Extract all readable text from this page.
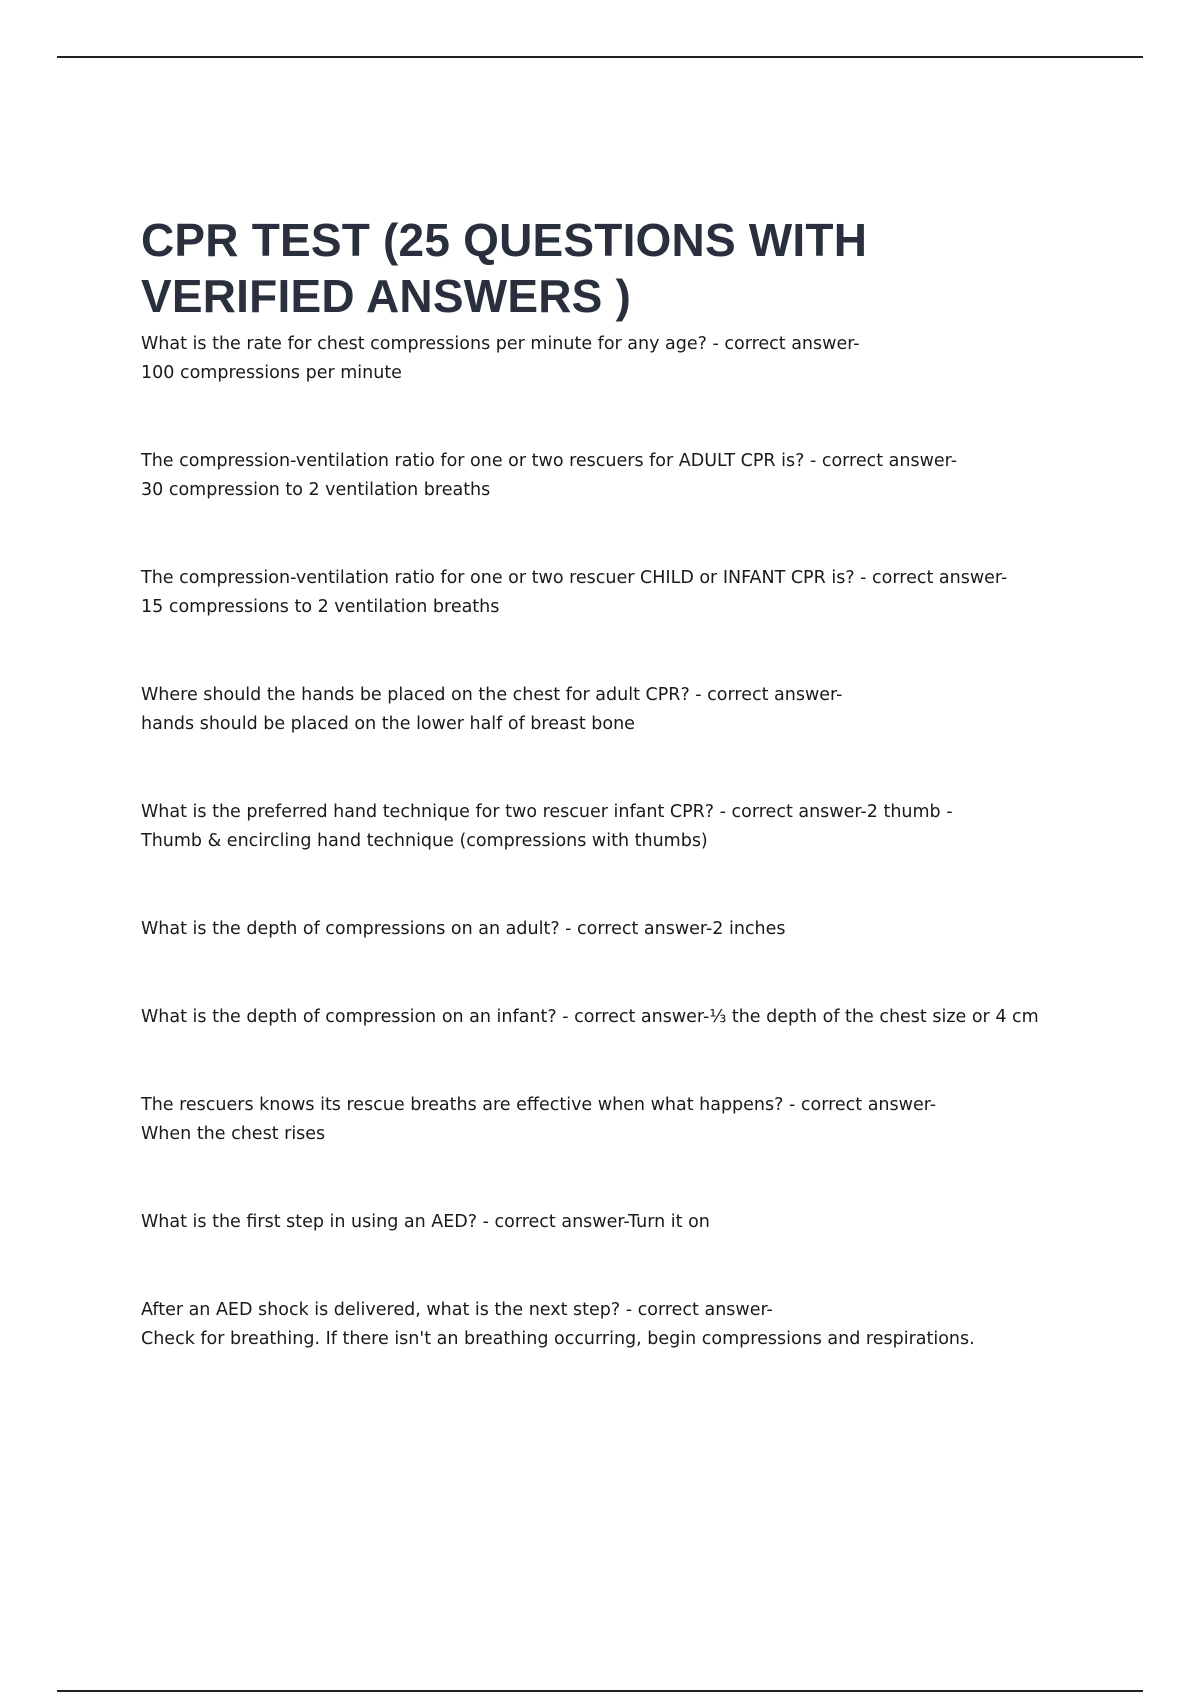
CPR TEST (25 QUESTIONS WITH VERIFIED ANSWERS )
What is the rate for chest compressions per minute for any age? - correct answer-
100 compressions per minute
The compression-ventilation ratio for one or two rescuers for ADULT CPR is? - correct answer-
30 compression to 2 ventilation breaths
The compression-ventilation ratio for one or two rescuer CHILD or INFANT CPR is? - correct answer-
15 compressions to 2 ventilation breaths
Where should the hands be placed on the chest for adult CPR? - correct answer-
hands should be placed on the lower half of breast bone
What is the preferred hand technique for two rescuer infant CPR? - correct answer-2 thumb -
Thumb & encircling hand technique (compressions with thumbs)
What is the depth of compressions on an adult? - correct answer-2 inches
What is the depth of compression on an infant? - correct answer-⅓ the depth of the chest size or 4 cm
The rescuers knows its rescue breaths are effective when what happens? - correct answer-
When the chest rises
What is the first step in using an AED? - correct answer-Turn it on
After an AED shock is delivered, what is the next step? - correct answer-
Check for breathing. If there isn't an breathing occurring, begin compressions and respirations.
